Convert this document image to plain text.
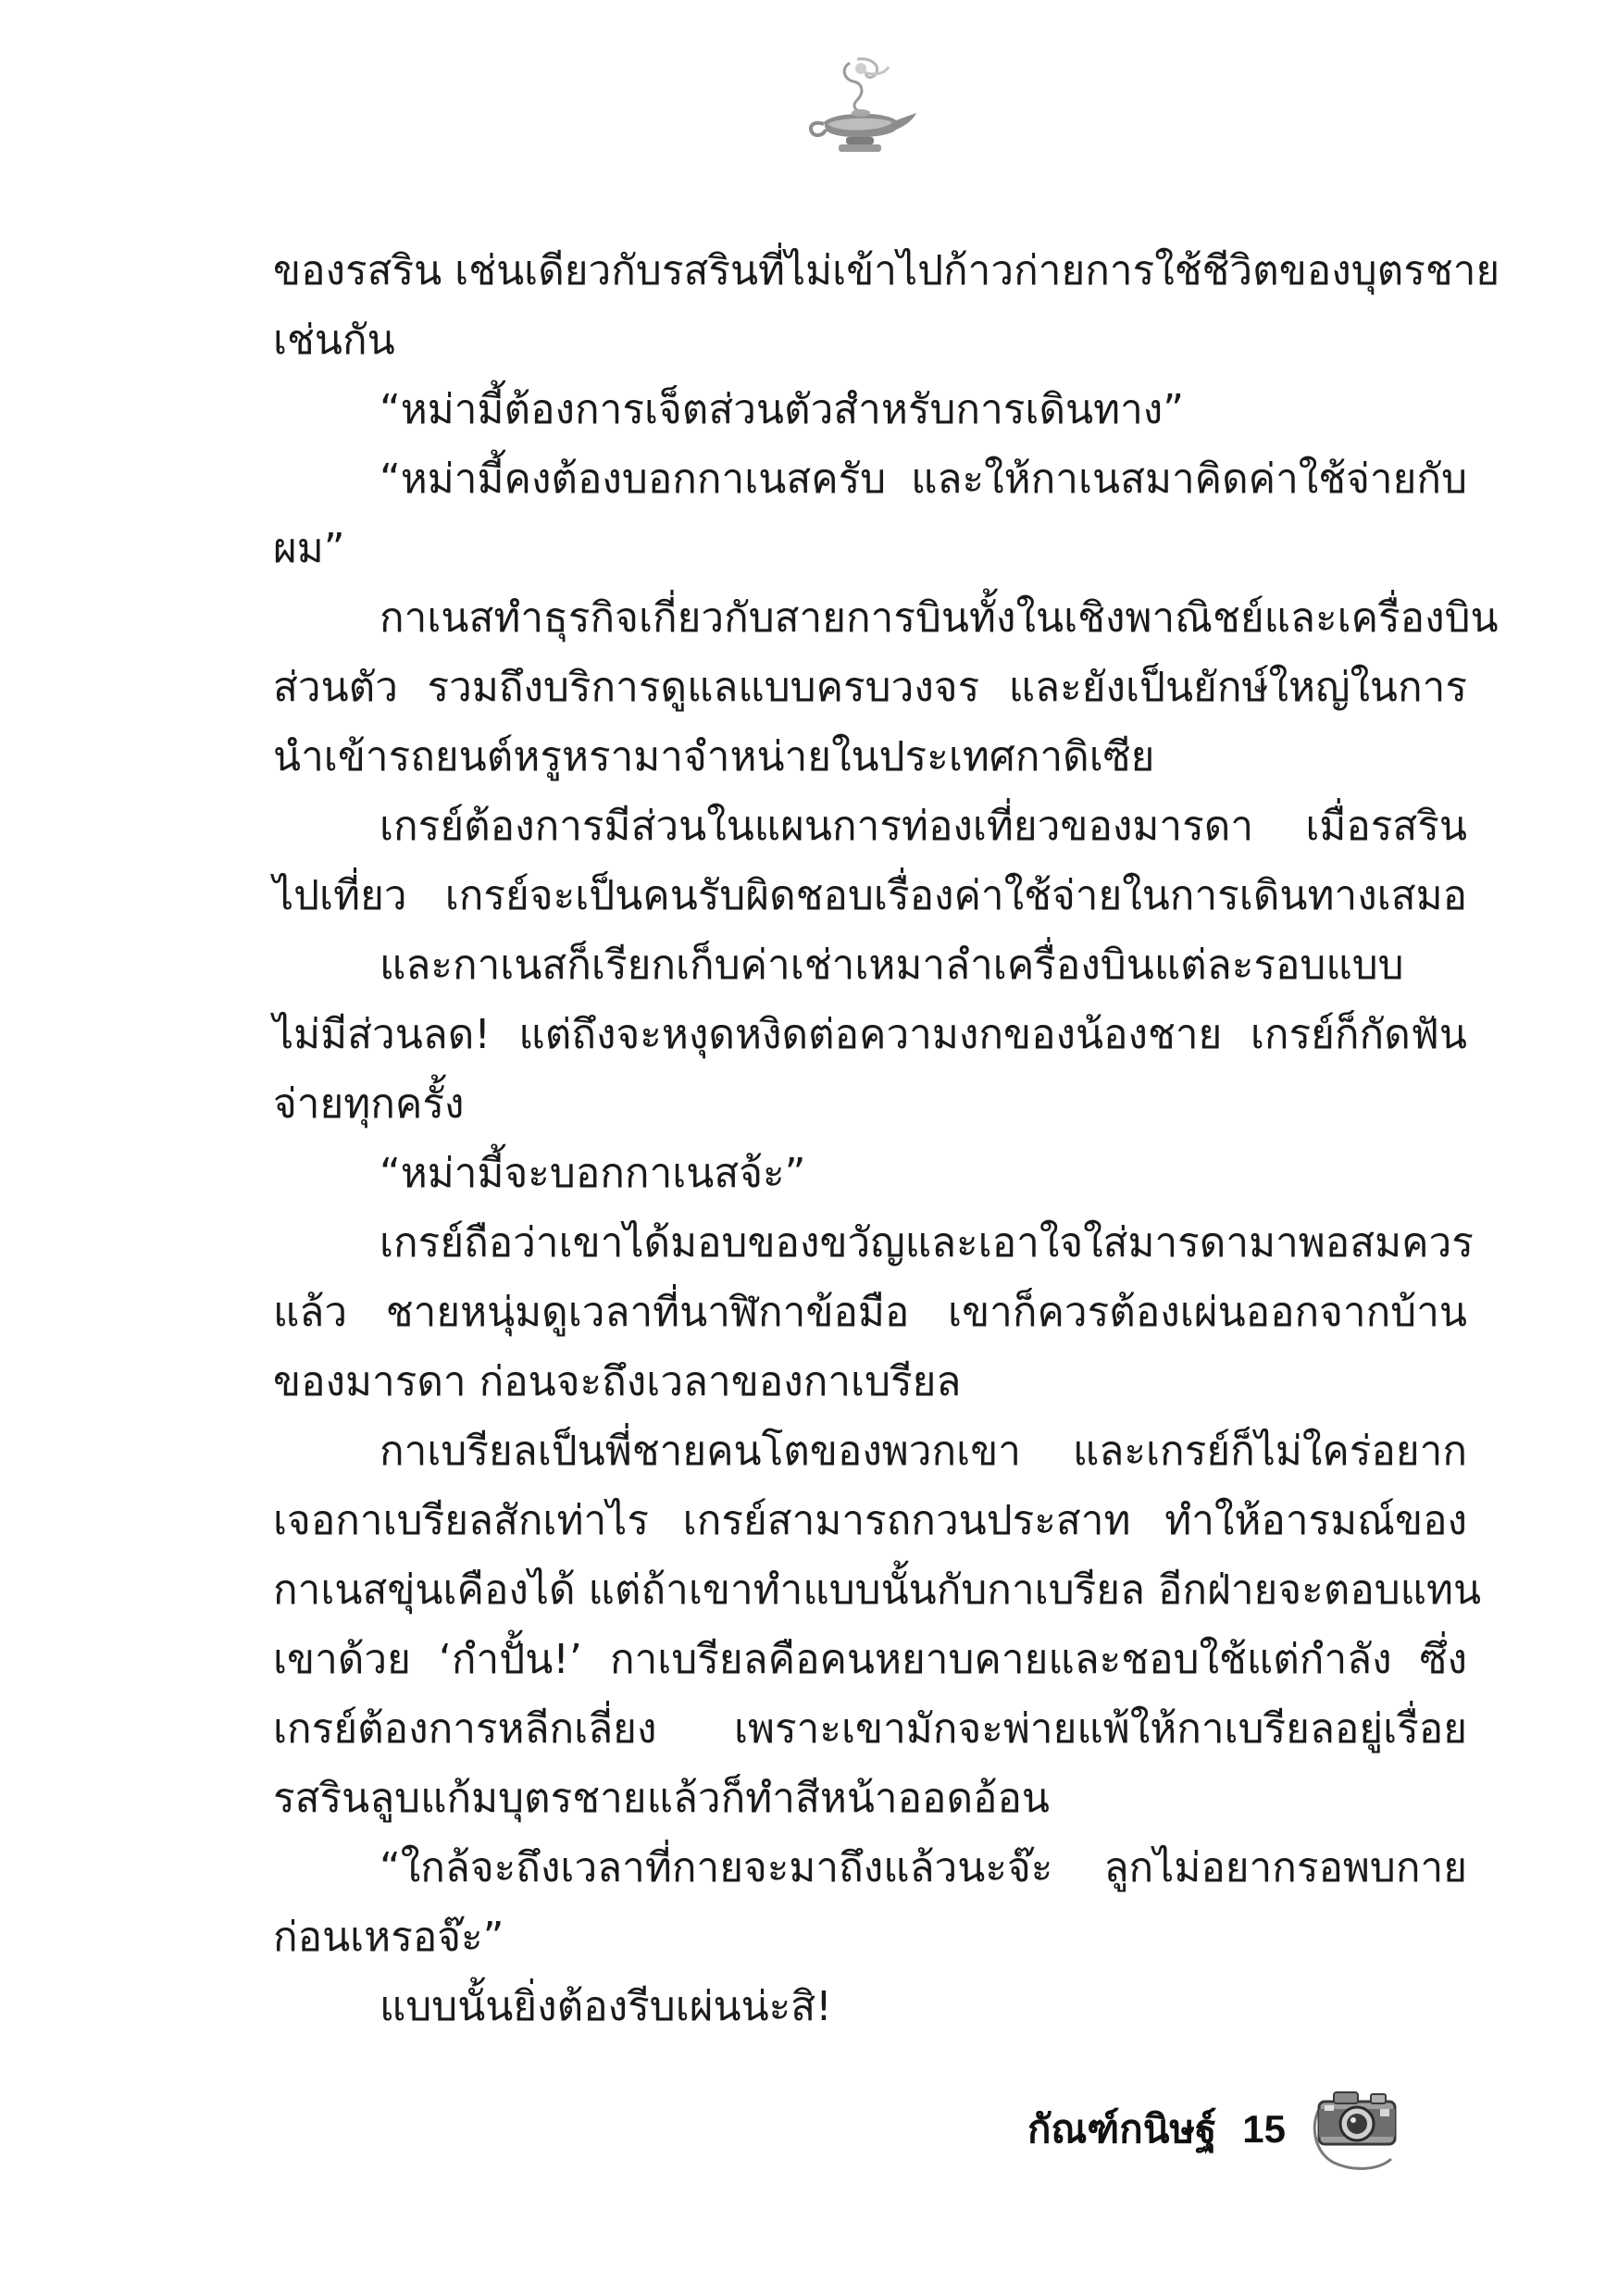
ของรสริน เช่นเดียวกับรสรินที่ไม่เข้าไปก้าวก่ายการใช้ชีวิตของบุตรชาย
เช่นกัน
“หม่ามี้ต้องการเจ็ตส่วนตัวสำหรับการเดินทาง”
“หม่ามี้คงต้องบอกกาเนสครับ และให้กาเนสมาคิดค่าใช้จ่ายกับ
ผม”
กาเนสทำธุรกิจเกี่ยวกับสายการบินทั้งในเชิงพาณิชย์และเครื่องบิน
ส่วนตัว รวมถึงบริการดูแลแบบครบวงจร และยังเป็นยักษ์ใหญ่ในการ
นำเข้ารถยนต์หรูหรามาจำหน่ายในประเทศกาดิเซีย
เกรย์ต้องการมีส่วนในแผนการท่องเที่ยวของมารดา เมื่อรสริน
ไปเที่ยว เกรย์จะเป็นคนรับผิดชอบเรื่องค่าใช้จ่ายในการเดินทางเสมอ
และกาเนสก็เรียกเก็บค่าเช่าเหมาลำเครื่องบินแต่ละรอบแบบ
ไม่มีส่วนลด! แต่ถึงจะหงุดหงิดต่อความงกของน้องชาย เกรย์ก็กัดฟัน
จ่ายทุกครั้ง
“หม่ามี้จะบอกกาเนสจ้ะ”
เกรย์ถือว่าเขาได้มอบของขวัญและเอาใจใส่มารดามาพอสมควร
แล้ว ชายหนุ่มดูเวลาที่นาฬิกาข้อมือ เขาก็ควรต้องเผ่นออกจากบ้าน
ของมารดา ก่อนจะถึงเวลาของกาเบรียล
กาเบรียลเป็นพี่ชายคนโตของพวกเขา และเกรย์ก็ไม่ใคร่อยาก
เจอกาเบรียลสักเท่าไร เกรย์สามารถกวนประสาท ทำให้อารมณ์ของ
กาเนสขุ่นเคืองได้ แต่ถ้าเขาทำแบบนั้นกับกาเบรียล อีกฝ่ายจะตอบแทน
เขาด้วย ‘กำปั้น!’ กาเบรียลคือคนหยาบคายและชอบใช้แต่กำลัง ซึ่ง
เกรย์ต้องการหลีกเลี่ยง เพราะเขามักจะพ่ายแพ้ให้กาเบรียลอยู่เรื่อย
รสรินลูบแก้มบุตรชายแล้วก็ทำสีหน้าออดอ้อน
“ใกล้จะถึงเวลาที่กายจะมาถึงแล้วนะจ๊ะ ลูกไม่อยากรอพบกาย
ก่อนเหรอจ๊ะ”
แบบนั้นยิ่งต้องรีบเผ่นน่ะสิ!
กัณฑ์กนิษฐ์ 15
